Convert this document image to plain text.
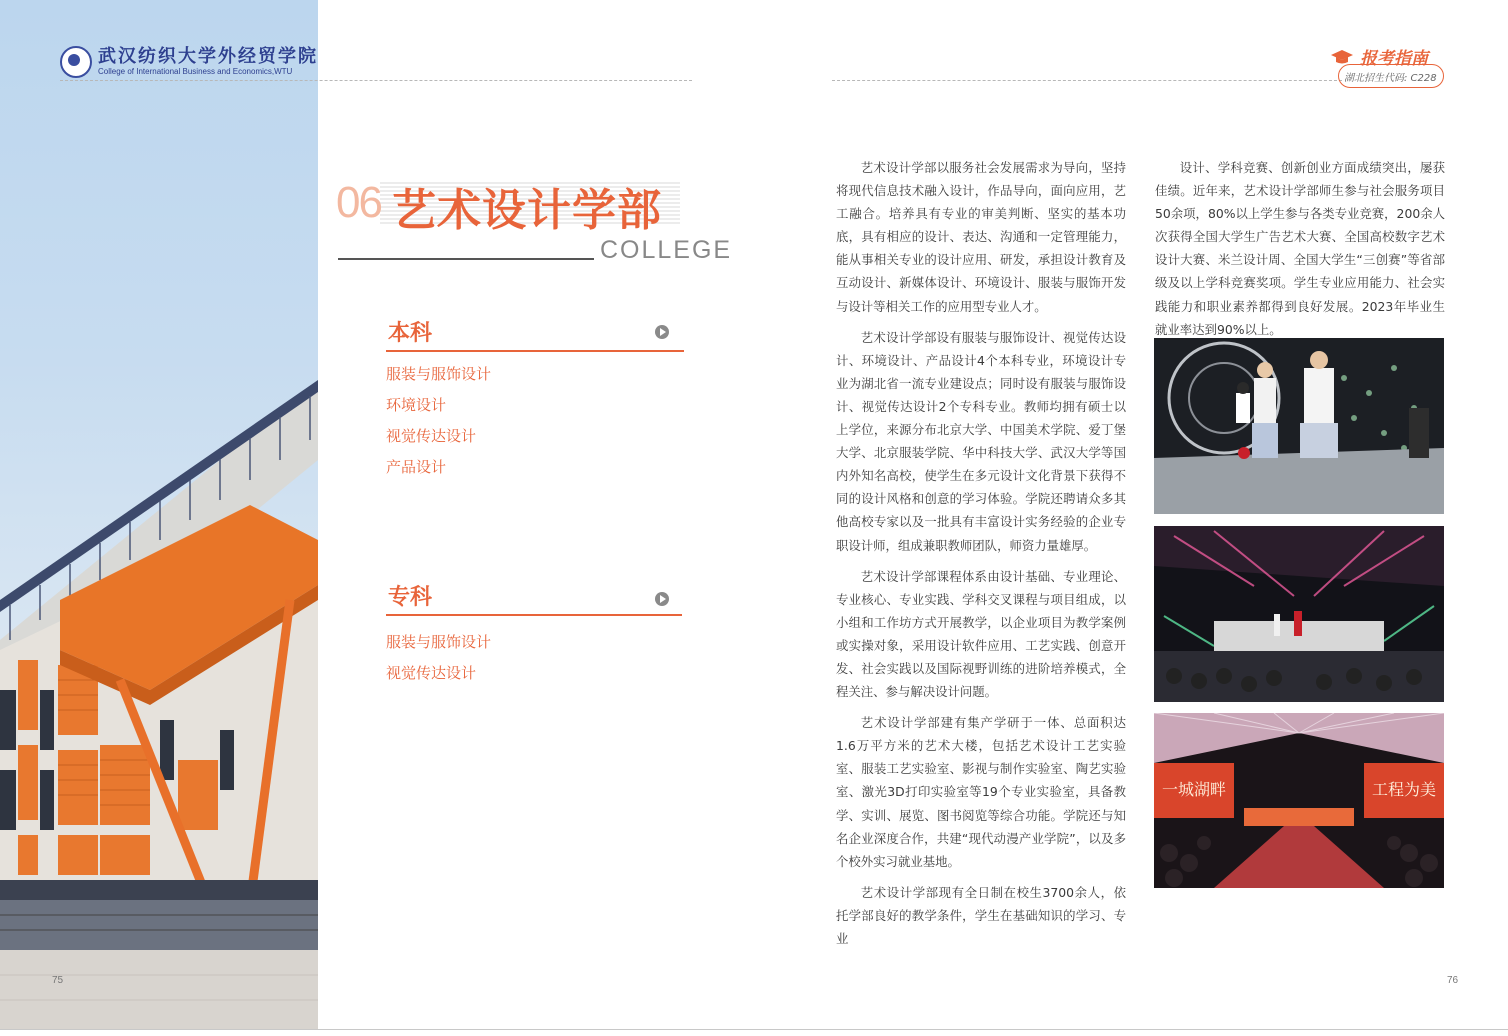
武汉纺织大学外经贸学院
College of International Business and Economics,WTU
06 艺术设计学部
COLLEGE
本科
服装与服饰设计
环境设计
视觉传达设计
产品设计
专科
服装与服饰设计
视觉传达设计
75
报考指南
湖北招生代码: C228

艺术设计学部以服务社会发展需求为导向，坚持将现代信息技术融入设计，作品导向，面向应用，艺工融合。培养具有专业的审美判断、坚实的基本功底，具有相应的设计、表达、沟通和一定管理能力，能从事相关专业的设计应用、研发，承担设计教育及互动设计、新媒体设计、环境设计、服装与服饰开发与设计等相关工作的应用型专业人才。

艺术设计学部设有服装与服饰设计、视觉传达设计、环境设计、产品设计4个本科专业，环境设计专业为湖北省一流专业建设点；同时设有服装与服饰设计、视觉传达设计2个专科专业。教师均拥有硕士以上学位，来源分布北京大学、中国美术学院、爱丁堡大学、北京服装学院、华中科技大学、武汉大学等国内外知名高校，使学生在多元设计文化背景下获得不同的设计风格和创意的学习体验。学院还聘请众多其他高校专家以及一批具有丰富设计实务经验的企业专职设计师，组成兼职教师团队，师资力量雄厚。

艺术设计学部课程体系由设计基础、专业理论、专业核心、专业实践、学科交叉课程与项目组成，以小组和工作坊方式开展教学，以企业项目为教学案例或实操对象，采用设计软件应用、工艺实践、创意开发、社会实践以及国际视野训练的进阶培养模式，全程关注、参与解决设计问题。

艺术设计学部建有集产学研于一体、总面积达1.6万平方米的艺术大楼，包括艺术设计工艺实验室、服装工艺实验室、影视与制作实验室、陶艺实验室、激光3D打印实验室等19个专业实验室，具备教学、实训、展览、图书阅览等综合功能。学院还与知名企业深度合作，共建“现代动漫产业学院”，以及多个校外实习就业基地。

艺术设计学部现有全日制在校生3700余人，依托学部良好的教学条件，学生在基础知识的学习、专业

设计、学科竞赛、创新创业方面成绩突出，屡获佳绩。近年来，艺术设计学部师生参与社会服务项目50余项，80%以上学生参与各类专业竞赛，200余人次获得全国大学生广告艺术大赛、全国高校数字艺术设计大赛、米兰设计周、全国大学生“三创赛”等省部级及以上学科竞赛奖项。学生专业应用能力、社会实践能力和职业素养都得到良好发展。2023年毕业生就业率达到90%以上。

一城湖畔	工程为美
76
